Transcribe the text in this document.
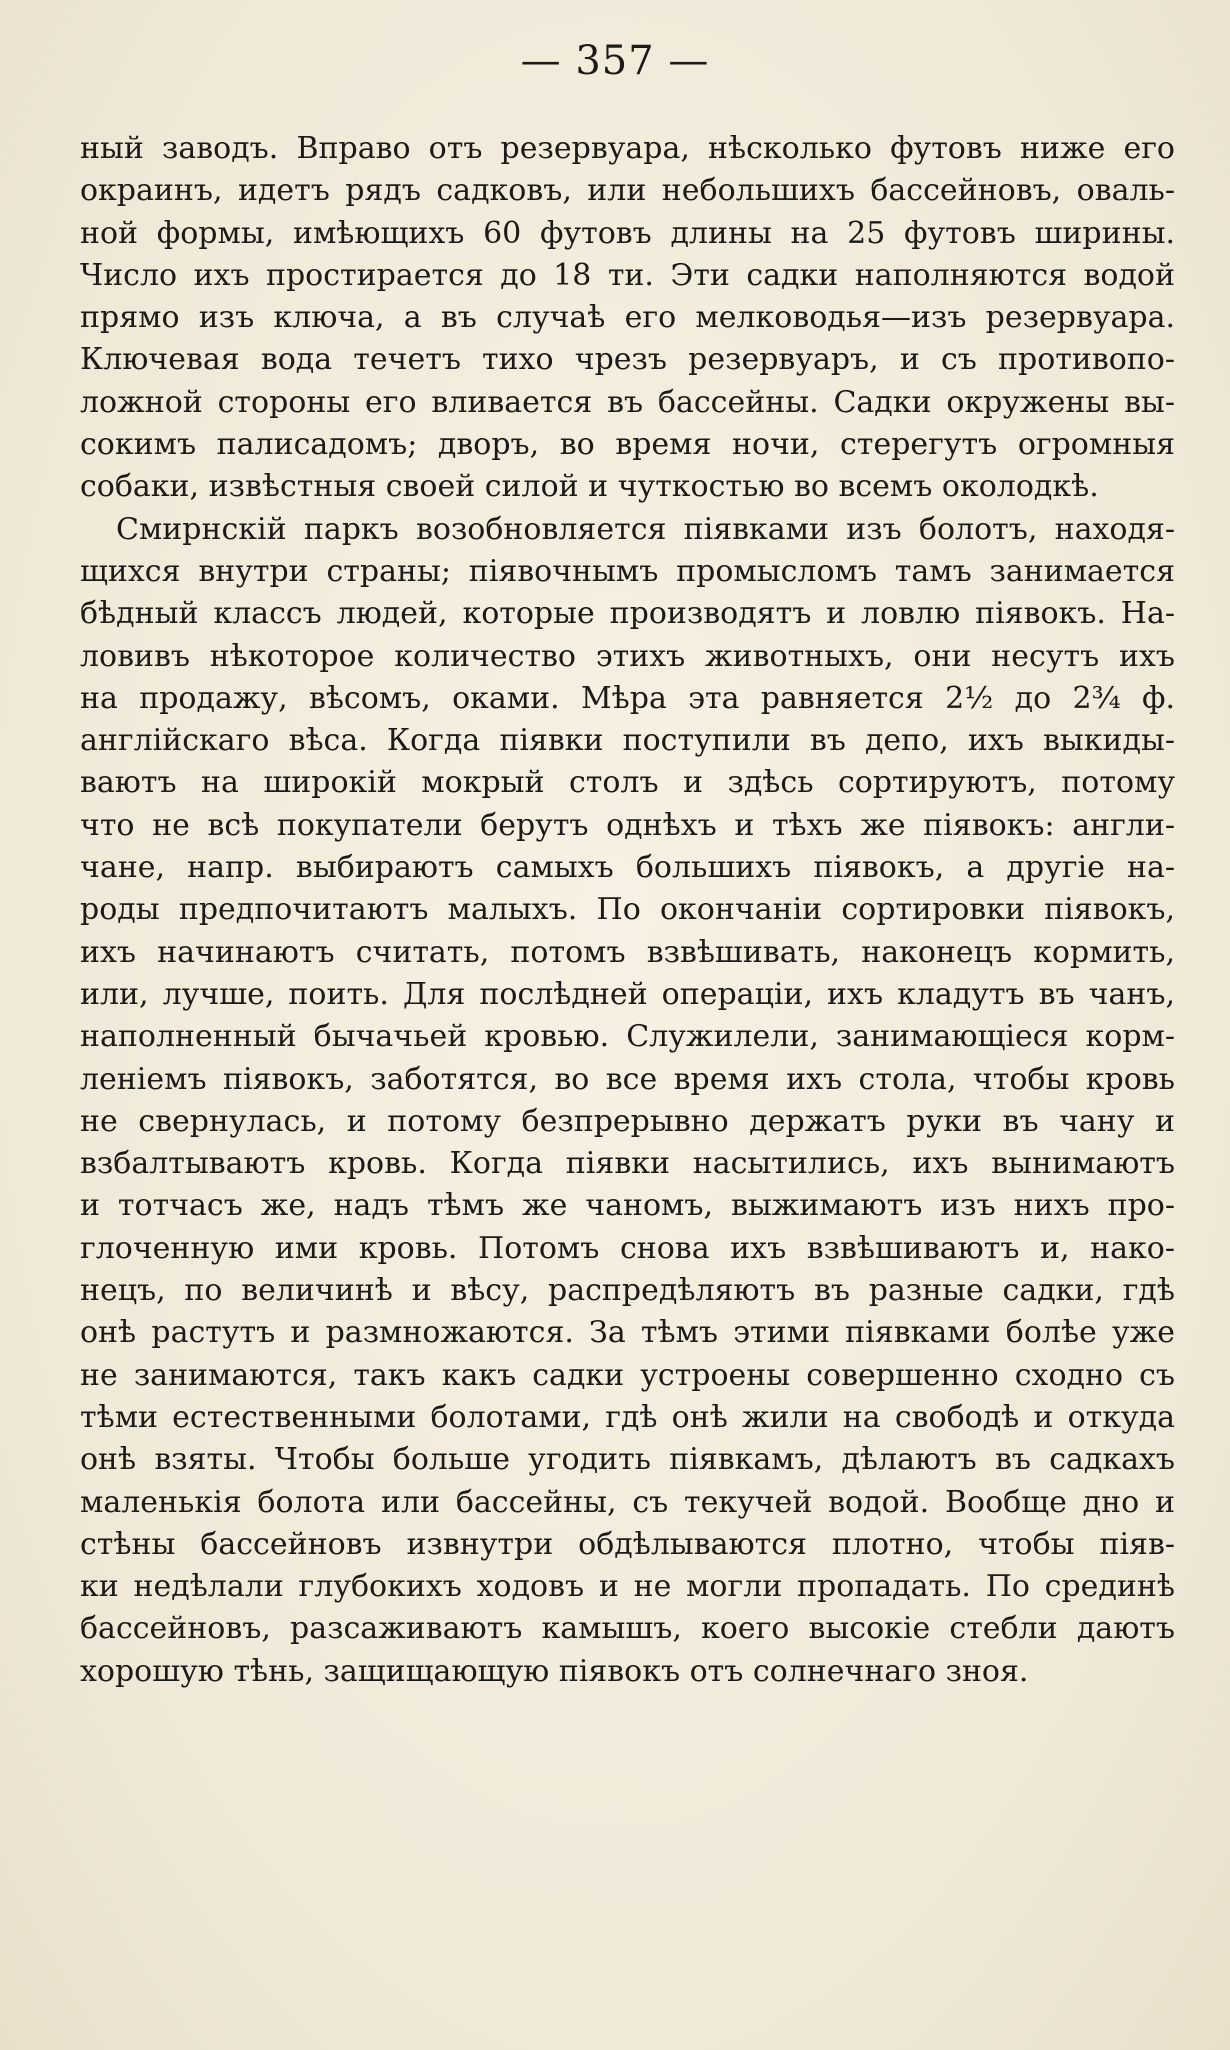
— 357 —
ный заводъ. Вправо отъ резервуара, нѣсколько футовъ ниже его
окраинъ, идетъ рядъ садковъ, или небольшихъ бассейновъ, оваль-
ной формы, имѣющихъ 60 футовъ длины на 25 футовъ ширины.
Число ихъ простирается до 18 ти. Эти садки наполняются водой
прямо изъ ключа, а въ случаѣ его мелководья—изъ резервуара.
Ключевая вода течетъ тихо чрезъ резервуаръ, и съ противопо-
ложной стороны его вливается въ бассейны. Садки окружены вы-
сокимъ палисадомъ; дворъ, во время ночи, стерегутъ огромныя
собаки, извѣстныя своей силой и чуткостью во всемъ околодкѣ.
Смирнскій паркъ возобновляется піявками изъ болотъ, находя-
щихся внутри страны; піявочнымъ промысломъ тамъ занимается
бѣдный классъ людей, которые производятъ и ловлю піявокъ. На-
ловивъ нѣкоторое количество этихъ животныхъ, они несутъ ихъ
на продажу, вѣсомъ, оками. Мѣра эта равняется 2½ до 2¾ ф.
англійскаго вѣса. Когда піявки поступили въ депо, ихъ выкиды-
ваютъ на широкій мокрый столъ и здѣсь сортируютъ, потому
что не всѣ покупатели берутъ однѣхъ и тѣхъ же піявокъ: англи-
чане, напр. выбираютъ самыхъ большихъ піявокъ, а другіе на-
роды предпочитаютъ малыхъ. По окончаніи сортировки піявокъ,
ихъ начинаютъ считать, потомъ взвѣшивать, наконецъ кормить,
или, лучше, поить. Для послѣдней операціи, ихъ кладутъ въ чанъ,
наполненный бычачьей кровью. Служилели, занимающіеся корм-
леніемъ піявокъ, заботятся, во все время ихъ стола, чтобы кровь
не свернулась, и потому безпрерывно держатъ руки въ чану и
взбалтываютъ кровь. Когда піявки насытились, ихъ вынимаютъ
и тотчасъ же, надъ тѣмъ же чаномъ, выжимаютъ изъ нихъ про-
глоченную ими кровь. Потомъ снова ихъ взвѣшиваютъ и, нако-
нецъ, по величинѣ и вѣсу, распредѣляютъ въ разные садки, гдѣ
онѣ растутъ и размножаются. За тѣмъ этими піявками болѣе уже
не занимаются, такъ какъ садки устроены совершенно сходно съ
тѣми естественными болотами, гдѣ онѣ жили на свободѣ и откуда
онѣ взяты. Чтобы больше угодить піявкамъ, дѣлаютъ въ садкахъ
маленькія болота или бассейны, съ текучей водой. Вообще дно и
стѣны бассейновъ извнутри обдѣлываются плотно, чтобы піяв-
ки недѣлали глубокихъ ходовъ и не могли пропадать. По срединѣ
бассейновъ, разсаживаютъ камышъ, коего высокіе стебли даютъ
хорошую тѣнь, защищающую піявокъ отъ солнечнаго зноя.
